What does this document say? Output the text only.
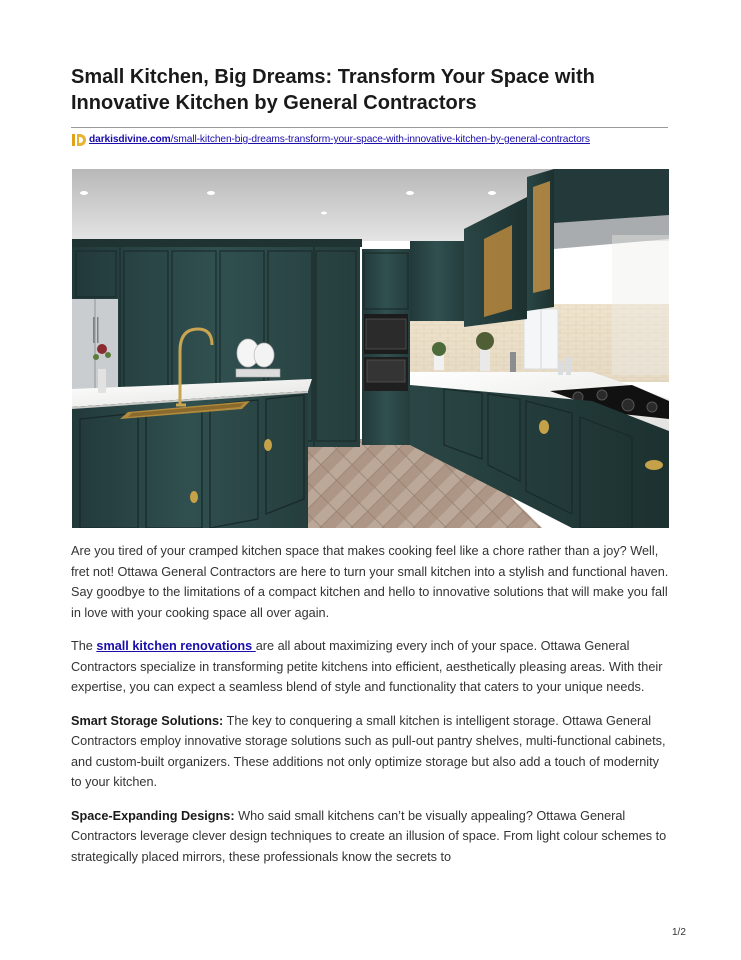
Small Kitchen, Big Dreams: Transform Your Space with Innovative Kitchen by General Contractors
darkisdivine.com/small-kitchen-big-dreams-transform-your-space-with-innovative-kitchen-by-general-contractors

Are you tired of your cramped kitchen space that makes cooking feel like a chore rather than a joy? Well, fret not! Ottawa General Contractors are here to turn your small kitchen into a stylish and functional haven. Say goodbye to the limitations of a compact kitchen and hello to innovative solutions that will make you fall in love with your cooking space all over again.

The small kitchen renovations are all about maximizing every inch of your space. Ottawa General Contractors specialize in transforming petite kitchens into efficient, aesthetically pleasing areas. With their expertise, you can expect a seamless blend of style and functionality that caters to your unique needs.

Smart Storage Solutions: The key to conquering a small kitchen is intelligent storage. Ottawa General Contractors employ innovative storage solutions such as pull-out pantry shelves, multi-functional cabinets, and custom-built organizers. These additions not only optimize storage but also add a touch of modernity to your kitchen.

Space-Expanding Designs: Who said small kitchens can’t be visually appealing? Ottawa General Contractors leverage clever design techniques to create an illusion of space. From light colour schemes to strategically placed mirrors, these professionals know the secrets to

1/2
